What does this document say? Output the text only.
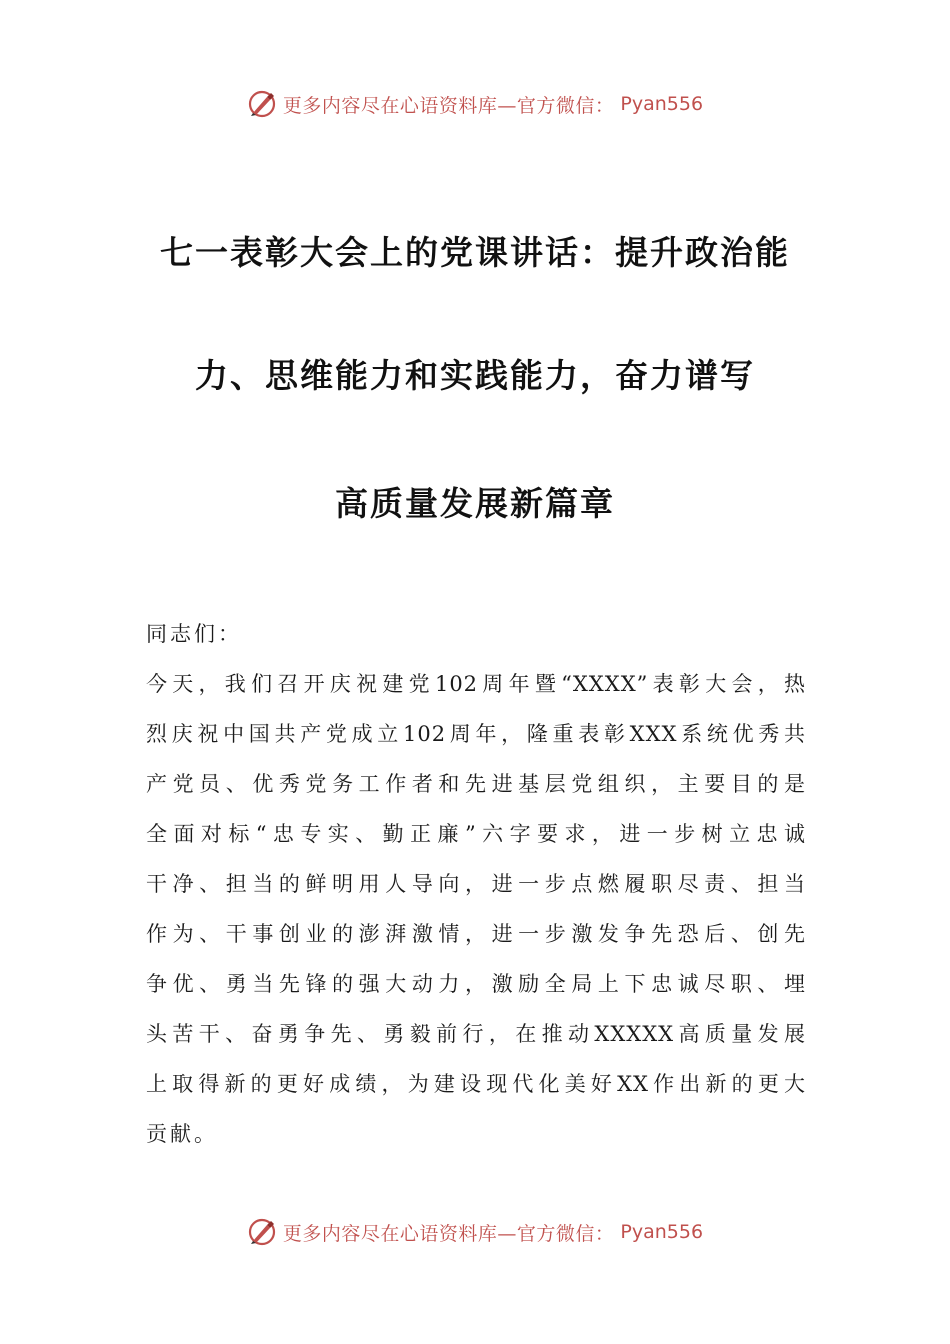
更多内容尽在心语资料库—官方微信： Pyan556
七一表彰大会上的党课讲话：提升政治能
力、思维能力和实践能力，奋力谱写
高质量发展新篇章
同志们：
今天，我们召开庆祝建党102周年暨“XXXX”表彰大会，热
烈庆祝中国共产党成立102周年，隆重表彰XXX系统优秀共
产党员、优秀党务工作者和先进基层党组织，主要目的是
全面对标“忠专实、勤正廉”六字要求，进一步树立忠诚
干净、担当的鲜明用人导向，进一步点燃履职尽责、担当
作为、干事创业的澎湃激情，进一步激发争先恐后、创先
争优、勇当先锋的强大动力，激励全局上下忠诚尽职、埋
头苦干、奋勇争先、勇毅前行，在推动XXXXX高质量发展
上取得新的更好成绩，为建设现代化美好XX作出新的更大
贡献。
更多内容尽在心语资料库—官方微信： Pyan556
